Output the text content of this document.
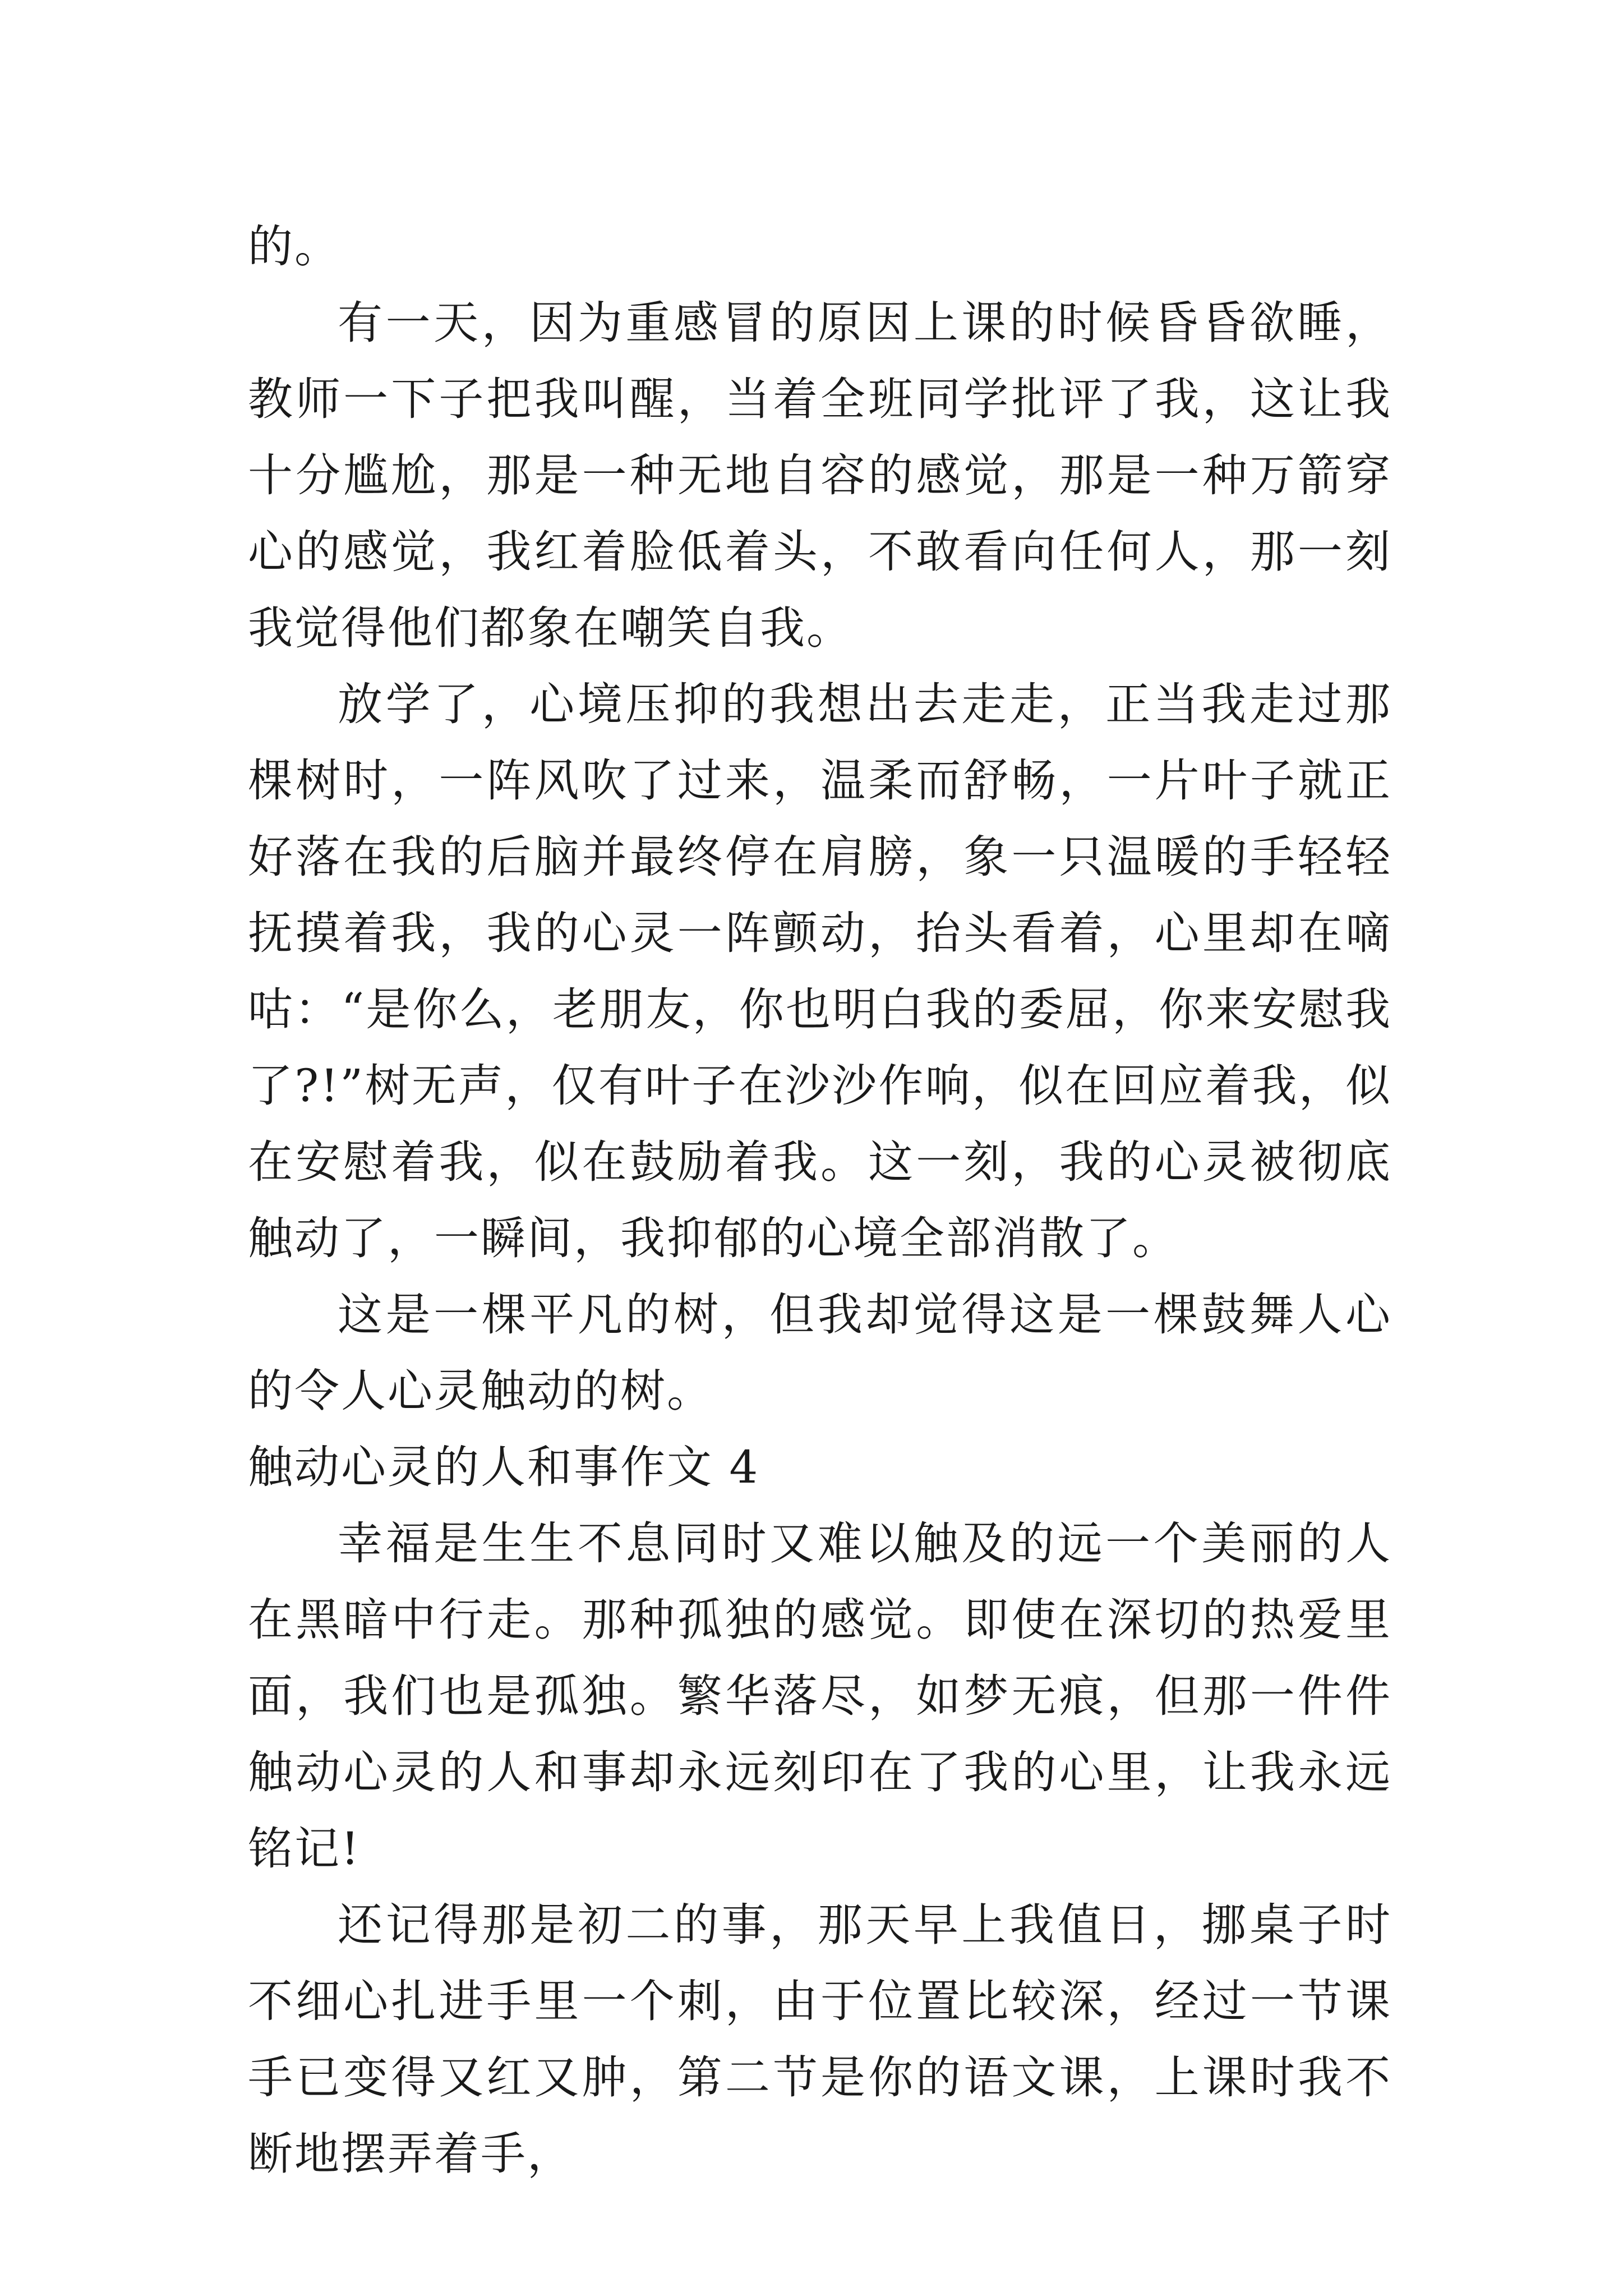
的。

有一天，因为重感冒的原因上课的时候昏昏欲睡，教师一下子把我叫醒，当着全班同学批评了我，这让我十分尴尬，那是一种无地自容的感觉，那是一种万箭穿心的感觉，我红着脸低着头，不敢看向任何人，那一刻我觉得他们都象在嘲笑自我。

放学了，心境压抑的我想出去走走，正当我走过那棵树时，一阵风吹了过来，温柔而舒畅，一片叶子就正好落在我的后脑并最终停在肩膀，象一只温暖的手轻轻抚摸着我，我的心灵一阵颤动，抬头看着，心里却在嘀咕：“是你么，老朋友，你也明白我的委屈，你来安慰我了?!”树无声，仅有叶子在沙沙作响，似在回应着我，似在安慰着我，似在鼓励着我。这一刻，我的心灵被彻底触动了，一瞬间，我抑郁的心境全部消散了。

这是一棵平凡的树，但我却觉得这是一棵鼓舞人心的令人心灵触动的树。

触动心灵的人和事作文 4

幸福是生生不息同时又难以触及的远一个美丽的人在黑暗中行走。那种孤独的感觉。即使在深切的热爱里面，我们也是孤独。繁华落尽，如梦无痕，但那一件件触动心灵的人和事却永远刻印在了我的心里，让我永远铭记!

还记得那是初二的事，那天早上我值日，挪桌子时不细心扎进手里一个刺，由于位置比较深，经过一节课手已变得又红又肿，第二节是你的语文课，上课时我不断地摆弄着手，
